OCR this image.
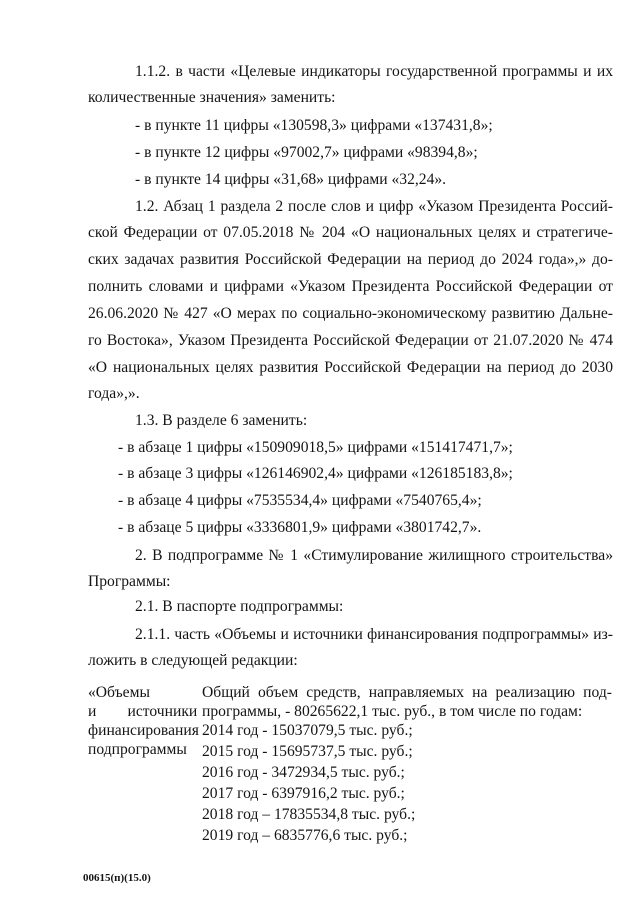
1.1.2. в части «Целевые индикаторы государственной программы и их
количественные значения» заменить:
- в пункте 11 цифры «130598,3» цифрами «137431,8»;
- в пункте 12 цифры «97002,7» цифрами «98394,8»;
- в пункте 14 цифры «31,68» цифрами «32,24».
1.2. Абзац 1 раздела 2 после слов и цифр «Указом Президента Россий-
ской Федерации от 07.05.2018 № 204 «О национальных целях и стратегиче-
ских задачах развития Российской Федерации на период до 2024 года»,» до-
полнить словами и цифрами «Указом Президента Российской Федерации от
26.06.2020 № 427 «О мерах по социально-экономическому развитию Дальне-
го Востока», Указом Президента Российской Федерации от 21.07.2020 № 474
«О национальных целях развития Российской Федерации на период до 2030
года»,».
1.3. В разделе 6 заменить:
- в абзаце 1 цифры «150909018,5» цифрами «151417471,7»;
- в абзаце 3 цифры «126146902,4» цифрами «126185183,8»;
- в абзаце 4 цифры «7535534,4» цифрами «7540765,4»;
- в абзаце 5 цифры «3336801,9» цифрами «3801742,7».
2. В подпрограмме № 1 «Стимулирование жилищного строительства»
Программы:
2.1. В паспорте подпрограммы:
2.1.1. часть «Объемы и источники финансирования подпрограммы» из-
ложить в следующей редакции:
«Объемы
и        источники
финансирования
подпрограммы
Общий объем средств, направляемых на реализацию под-
программы, - 80265622,1 тыс. руб., в том числе по годам:
2014 год - 15037079,5 тыс. руб.;
2015 год - 15695737,5 тыс. руб.;
2016 год - 3472934,5 тыс. руб.;
2017 год - 6397916,2 тыс. руб.;
2018 год – 17835534,8 тыс. руб.;
2019 год – 6835776,6 тыс. руб.;
00615(п)(15.0)
